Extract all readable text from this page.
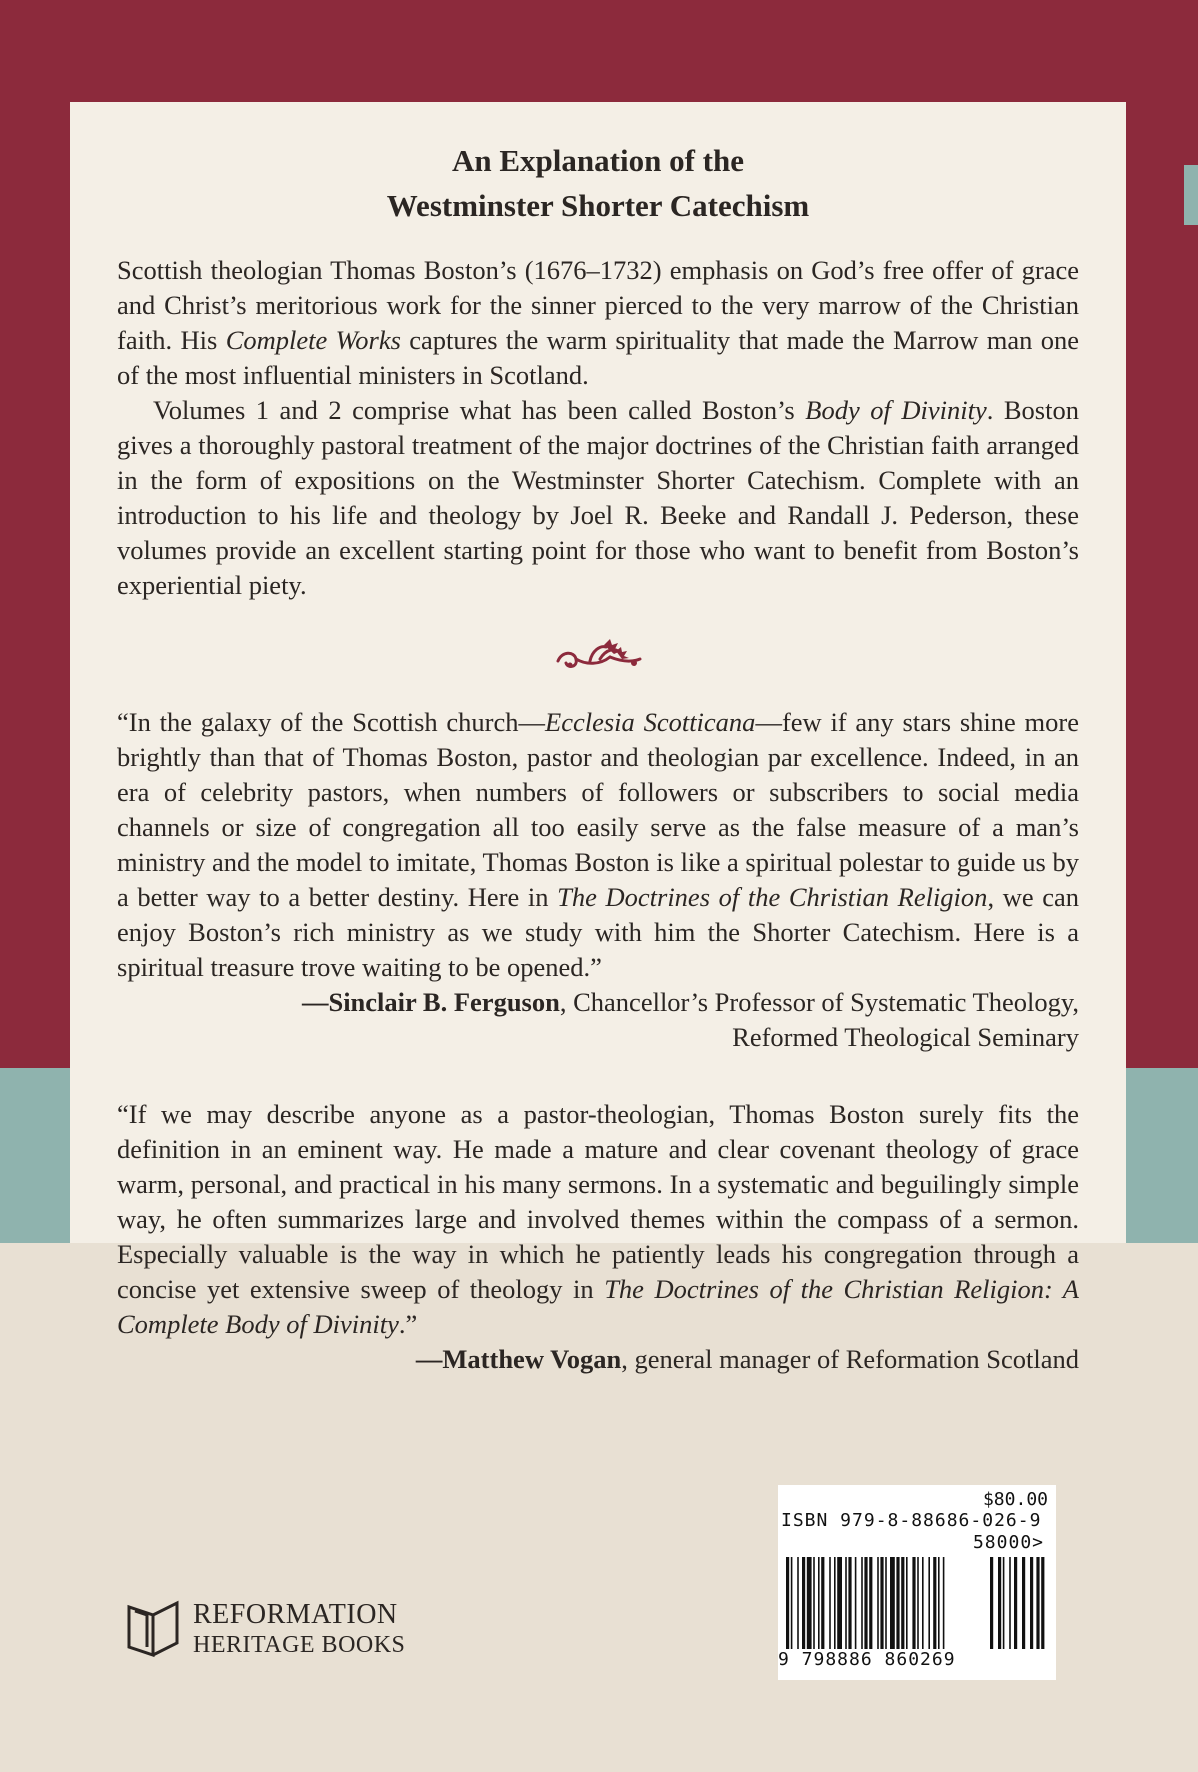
An Explanation of the
Westminster Shorter Catechism

Scottish theologian Thomas Boston’s (1676–1732) emphasis on God’s free offer of grace and Christ’s meritorious work for the sinner pierced to the very marrow of the Christian faith. His Complete Works captures the warm spirituality that made the Marrow man one of the most influential ministers in Scotland.

Volumes 1 and 2 comprise what has been called Boston’s Body of Divinity. Boston gives a thoroughly pastoral treatment of the major doctrines of the Christian faith arranged in the form of expositions on the Westminster Shorter Catechism. Complete with an introduction to his life and theology by Joel R. Beeke and Randall J. Pederson, these volumes provide an excellent starting point for those who want to benefit from Boston’s experiential piety.

“In the galaxy of the Scottish church—Ecclesia Scotticana—few if any stars shine more brightly than that of Thomas Boston, pastor and theologian par excellence. Indeed, in an era of celebrity pastors, when numbers of followers or subscribers to social media channels or size of congregation all too easily serve as the false measure of a man’s ministry and the model to imitate, Thomas Boston is like a spiritual polestar to guide us by a better way to a better destiny. Here in The Doctrines of the Christian Religion, we can enjoy Boston’s rich ministry as we study with him the Shorter Catechism. Here is a spiritual treasure trove waiting to be opened.”

—Sinclair B. Ferguson, Chancellor’s Professor of Systematic Theology,
Reformed Theological Seminary

“If we may describe anyone as a pastor-theologian, Thomas Boston surely fits the definition in an eminent way. He made a mature and clear covenant theology of grace warm, personal, and practical in his many sermons. In a systematic and beguilingly simple way, he often summarizes large and involved themes within the compass of a sermon. Especially valuable is the way in which he patiently leads his congregation through a concise yet extensive sweep of theology in The Doctrines of the Christian Religion: A Complete Body of Divinity.”

—Matthew Vogan, general manager of Reformation Scotland
REFORMATION
HERITAGE BOOKS
$80.00
ISBN 979-8-88686-026-9
58000>
9 798886 860269
